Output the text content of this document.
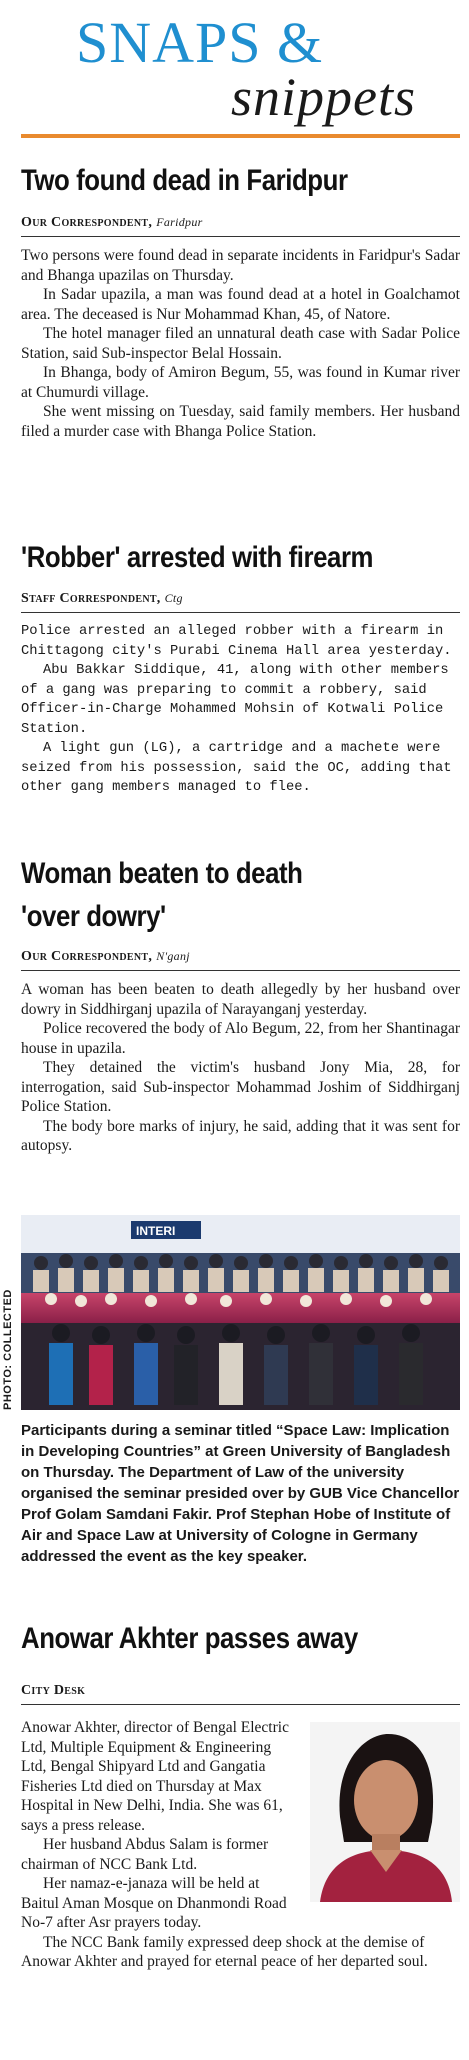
SNAPS &
snippets
Two found dead in Faridpur
Our Correspondent, Faridpur

Two persons were found dead in separate incidents in Faridpur's Sadar and Bhanga upazilas on Thursday.

In Sadar upazila, a man was found dead at a hotel in Goalchamot area. The deceased is Nur Mohammad Khan, 45, of Natore.

The hotel manager filed an unnatural death case with Sadar Police Station, said Sub-inspector Belal Hossain.

In Bhanga, body of Amiron Begum, 55, was found in Kumar river at Chumurdi village.

She went missing on Tuesday, said family members. Her husband filed a murder case with Bhanga Police Station.

'Robber' arrested with firearm
Staff Correspondent, Ctg

Police arrested an alleged robber with a firearm in Chittagong city's Purabi Cinema Hall area yesterday.

Abu Bakkar Siddique, 41, along with other members of a gang was preparing to commit a robbery, said Officer-in-Charge Mohammed Mohsin of Kotwali Police Station.

A light gun (LG), a cartridge and a machete were seized from his possession, said the OC, adding that other gang members managed to flee.

Woman beaten to death
'over dowry'
Our Correspondent, N'ganj

A woman has been beaten to death allegedly by her husband over dowry in Siddhirganj upazila of Narayanganj yesterday.

Police recovered the body of Alo Begum, 22, from her Shantinagar house in upazila.

They detained the victim's husband Jony Mia, 28, for interrogation, said Sub-inspector Mohammad Joshim of Siddhirganj Police Station.

The body bore marks of injury, he said, adding that it was sent for autopsy.

INTERI
PHOTO: COLLECTED
Participants during a seminar titled “Space Law: Implication in Developing Countries” at Green University of Bangladesh on Thursday. The Department of Law of the university organised the seminar presided over by GUB Vice Chancellor Prof Golam Samdani Fakir. Prof Stephan Hobe of Institute of Air and Space Law at University of Cologne in Germany addressed the event as the key speaker.
Anowar Akhter passes away
City Desk

Anowar Akhter, director of Bengal Electric Ltd, Multiple Equipment & Engineering Ltd, Bengal Shipyard Ltd and Gangatia Fisheries Ltd died on Thursday at Max Hospital in New Delhi, India. She was 61, says a press release.

Her husband Abdus Salam is former chairman of NCC Bank Ltd.

Her namaz-e-janaza will be held at Baitul Aman Mosque on Dhanmondi Road No-7 after Asr prayers today.

The NCC Bank family expressed deep shock at the demise of Anowar Akhter and prayed for eternal peace of her departed soul.
